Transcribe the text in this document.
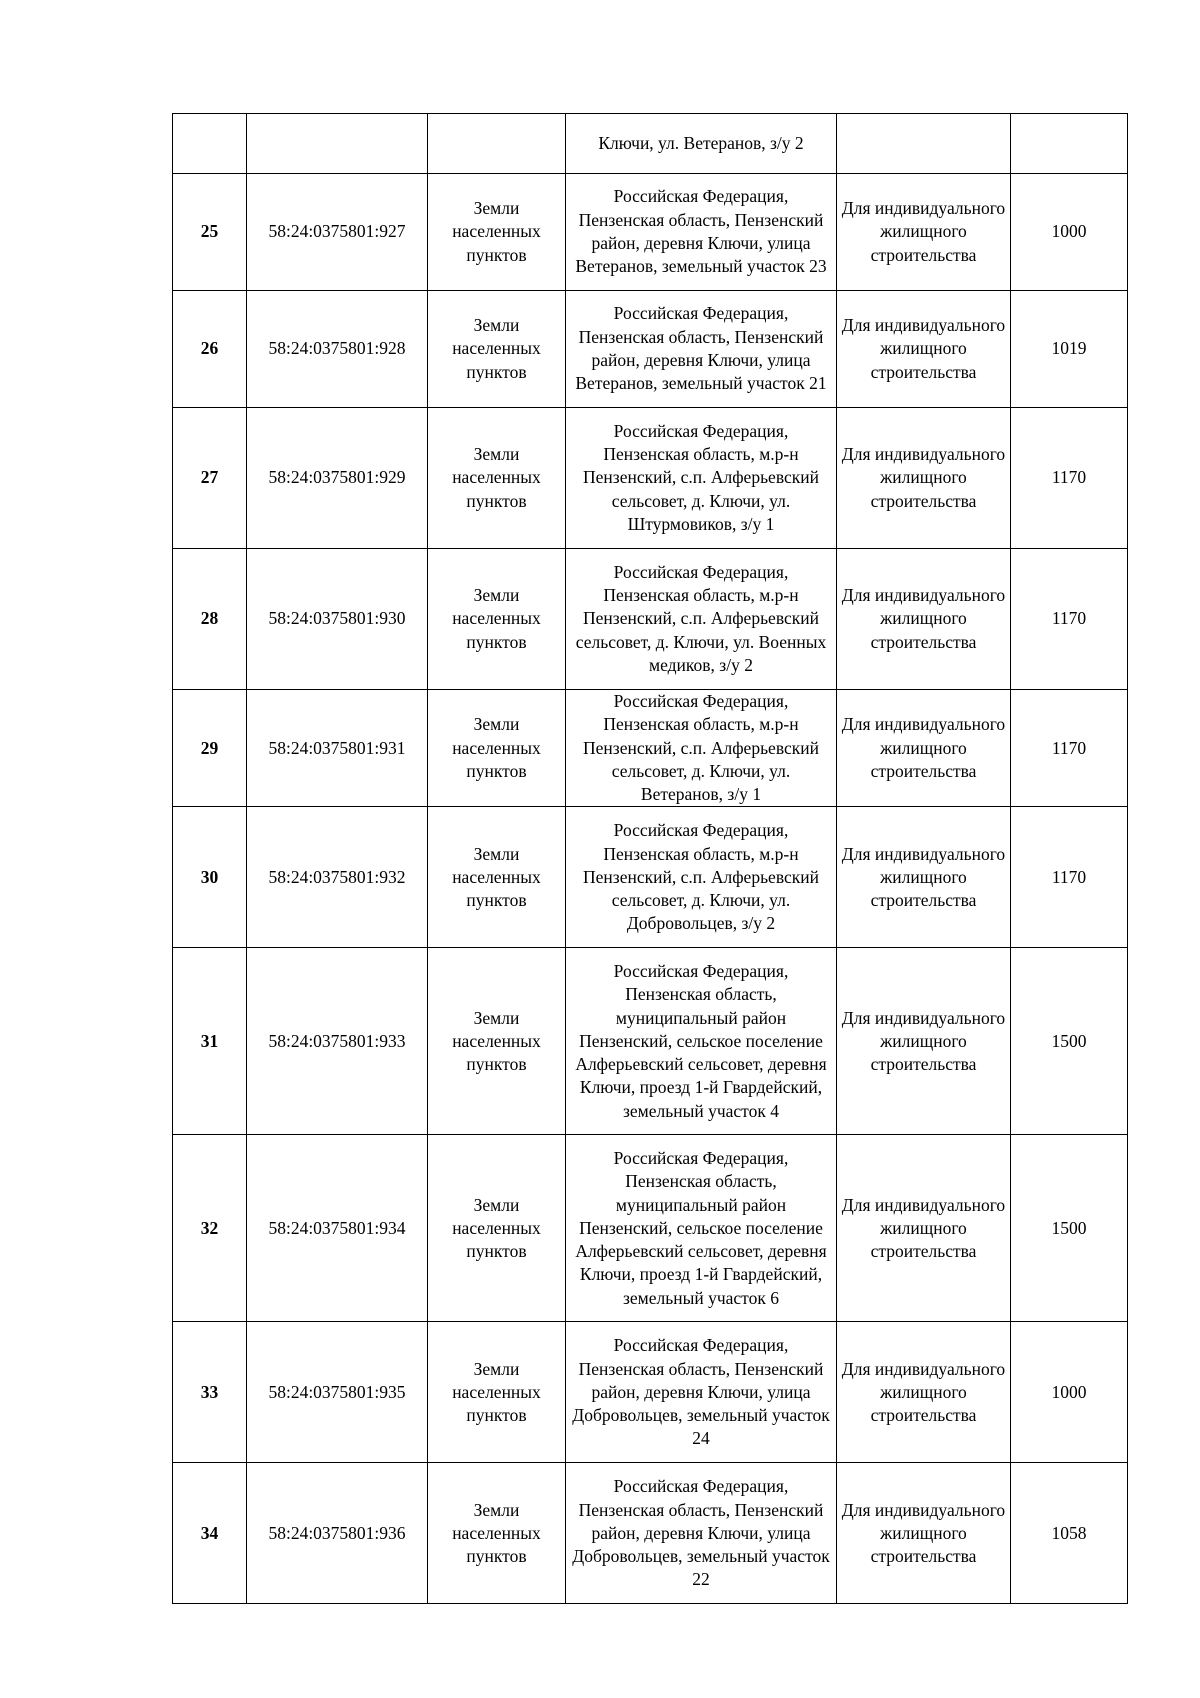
			Ключи, ул. Ветеранов, з/у 2		
25	58:24:0375801:927	Земли населенных пунктов	Российская Федерация, Пензенская область, Пензенский район, деревня Ключи, улица Ветеранов, земельный участок 23	Для индивидуального жилищного строительства	1000
26	58:24:0375801:928	Земли населенных пунктов	Российская Федерация, Пензенская область, Пензенский район, деревня Ключи, улица Ветеранов, земельный участок 21	Для индивидуального жилищного строительства	1019
27	58:24:0375801:929	Земли населенных пунктов	Российская Федерация, Пензенская область, м.р-н Пензенский, с.п. Алферьевский сельсовет, д. Ключи, ул. Штурмовиков, з/у 1	Для индивидуального жилищного строительства	1170
28	58:24:0375801:930	Земли населенных пунктов	Российская Федерация, Пензенская область, м.р-н Пензенский, с.п. Алферьевский сельсовет, д. Ключи, ул. Военных медиков, з/у 2	Для индивидуального жилищного строительства	1170
29	58:24:0375801:931	Земли населенных пунктов	Российская Федерация, Пензенская область, м.р-н Пензенский, с.п. Алферьевский сельсовет, д. Ключи, ул. Ветеранов, з/у 1	Для индивидуального жилищного строительства	1170
30	58:24:0375801:932	Земли населенных пунктов	Российская Федерация, Пензенская область, м.р-н Пензенский, с.п. Алферьевский сельсовет, д. Ключи, ул. Добровольцев, з/у 2	Для индивидуального жилищного строительства	1170
31	58:24:0375801:933	Земли населенных пунктов	Российская Федерация, Пензенская область, муниципальный район Пензенский, сельское поселение Алферьевский сельсовет, деревня Ключи, проезд 1-й Гвардейский, земельный участок 4	Для индивидуального жилищного строительства	1500
32	58:24:0375801:934	Земли населенных пунктов	Российская Федерация, Пензенская область, муниципальный район Пензенский, сельское поселение Алферьевский сельсовет, деревня Ключи, проезд 1-й Гвардейский, земельный участок 6	Для индивидуального жилищного строительства	1500
33	58:24:0375801:935	Земли населенных пунктов	Российская Федерация, Пензенская область, Пензенский район, деревня Ключи, улица Добровольцев, земельный участок 24	Для индивидуального жилищного строительства	1000
34	58:24:0375801:936	Земли населенных пунктов	Российская Федерация, Пензенская область, Пензенский район, деревня Ключи, улица Добровольцев, земельный участок 22	Для индивидуального жилищного строительства	1058
